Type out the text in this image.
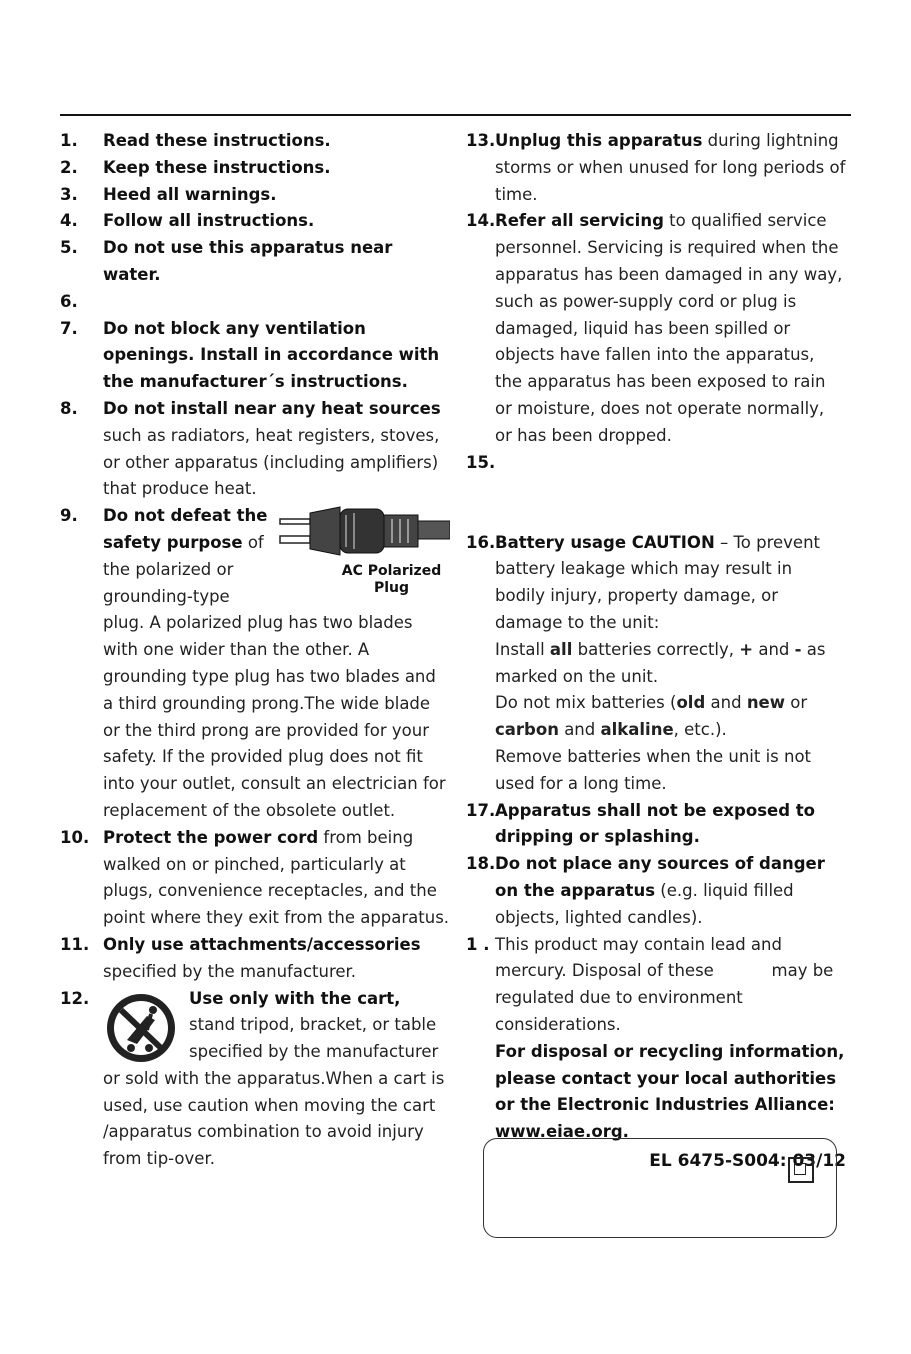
1. Read these instructions.
2. Keep these instructions.
3. Heed all warnings.
4. Follow all instructions.
5. Do not use this apparatus near water.
6.
7. Do not block any ventilation openings. Install in accordance with the manufacturer´s instructions.
8. Do not install near any heat sources such as radiators, heat registers, stoves, or other apparatus (including amplifiers) that produce heat.
9.
AC Polarized Plug
Do not defeat the safety purpose of the polarized or grounding-type plug. A polarized plug has two blades with one wider than the other. A grounding type plug has two blades and a third grounding prong.The wide blade or the third prong are provided for your safety. If the provided plug does not fit into your outlet, consult an electrician for replacement of the obsolete outlet.
10. Protect the power cord from being walked on or pinched, particularly at plugs, convenience receptacles, and the point where they exit from the apparatus.
11. Only use attachments/accessories specified by the manufacturer.
12.	Use only with the cart, stand tripod, bracket, or table specified by the manufacturer or sold with the apparatus.When a cart is used, use caution when moving the cart /apparatus combination to avoid injury from tip-over.
13. Unplug this apparatus during lightning storms or when unused for long periods of time.
14. Refer all servicing to qualified service personnel. Servicing is required when the apparatus has been damaged in any way, such as power-supply cord or plug is damaged, liquid has been spilled or objects have fallen into the apparatus, the apparatus has been exposed to rain or moisture, does not operate normally, or has been dropped.
15.
16. Battery usage CAUTION – To prevent battery leakage which may result in bodily injury, property damage, or damage to the unit:

Install all batteries correctly, + and - as marked on the unit.

Do not mix batteries (old and new or carbon and alkaline, etc.).

Remove batteries when the unit is not used for a long time.

17. Apparatus shall not be exposed to dripping or splashing.
18. Do not place any sources of danger on the apparatus (e.g. liquid filled objects, lighted candles).
1 . This product may contain lead and mercury. Disposal of these           may be regulated due to environment considerations.

For disposal or recycling information, please contact your local authorities or the Electronic Industries Alliance: www.eiae.org.

EL 6475-S004: 03/12
